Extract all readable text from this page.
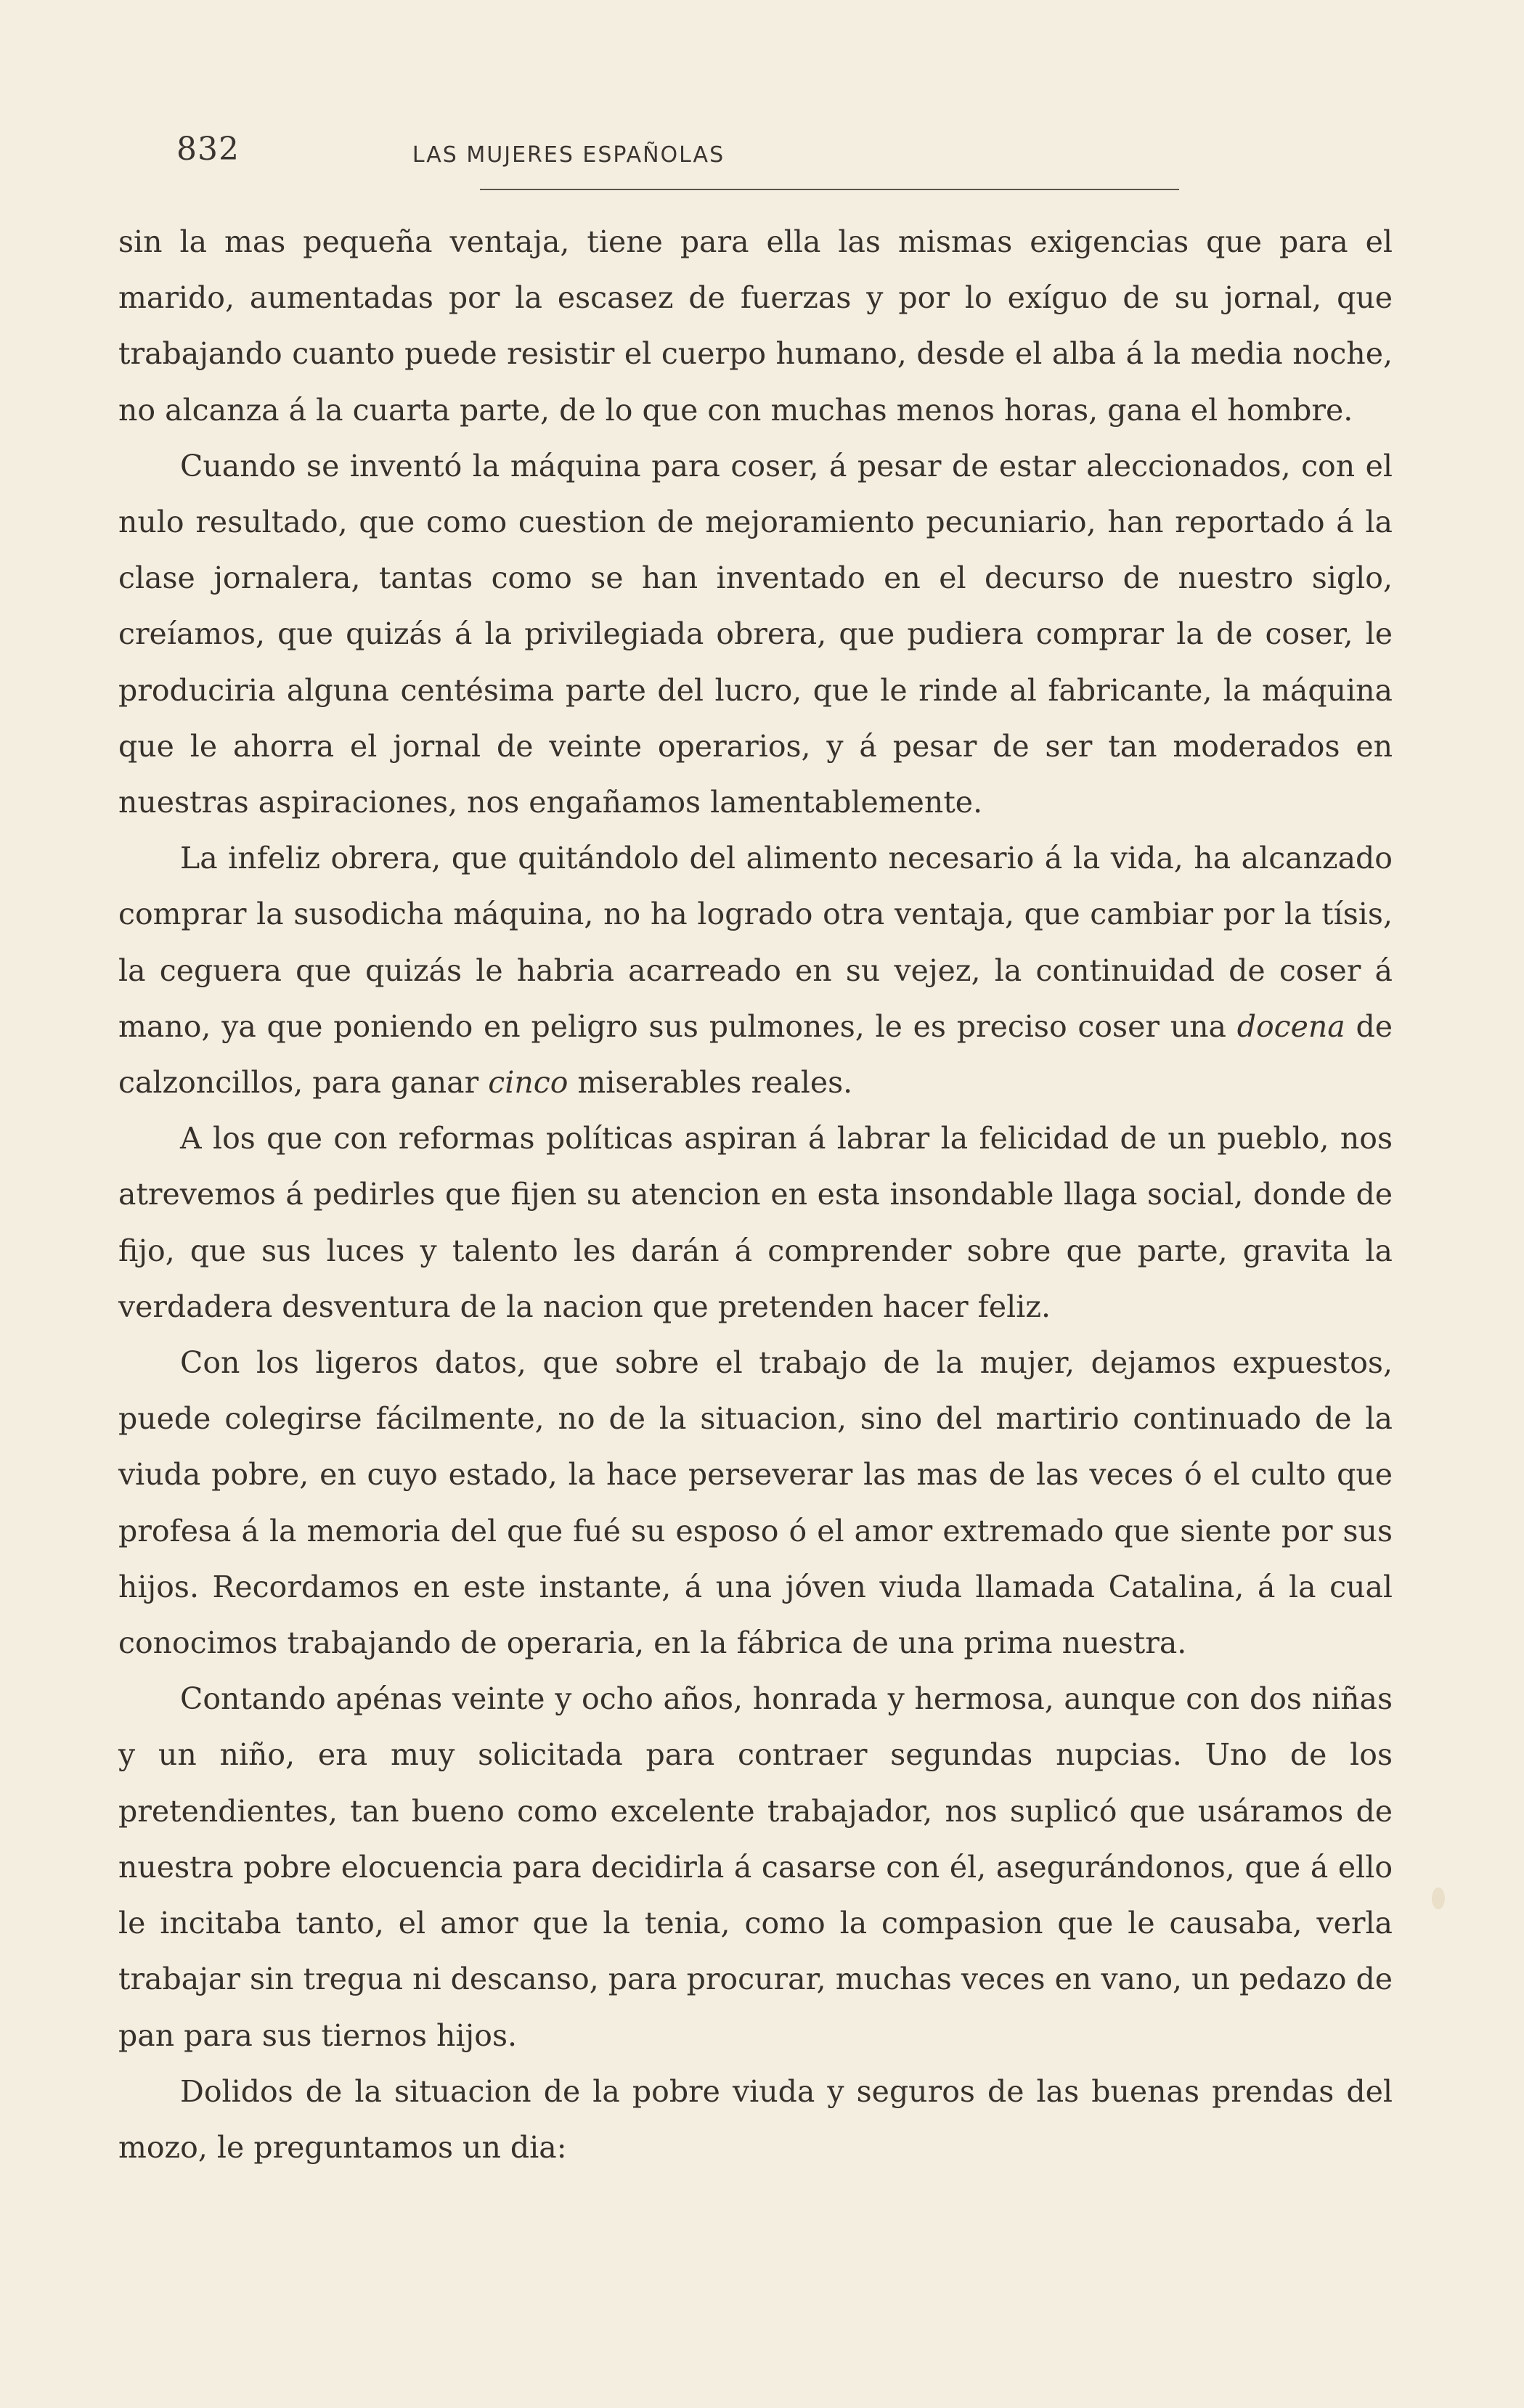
832	LAS MUJERES ESPAÑOLAS

sin la mas pequeña ventaja, tiene para ella las mismas exigencias que para el marido, aumentadas por la escasez de fuerzas y por lo exíguo de su jornal, que trabajando cuanto puede resistir el cuerpo humano, desde el alba á la media noche, no alcanza á la cuarta parte, de lo que con muchas menos horas, gana el hombre.

Cuando se inventó la máquina para coser, á pesar de estar aleccionados, con el nulo resultado, que como cuestion de mejoramiento pecuniario, han reportado á la clase jornalera, tantas como se han inventado en el decurso de nuestro siglo, creíamos, que quizás á la privilegiada obrera, que pudiera comprar la de coser, le produciria alguna centésima parte del lucro, que le rinde al fabricante, la máquina que le ahorra el jornal de veinte operarios, y á pesar de ser tan moderados en nuestras aspiraciones, nos engañamos lamentablemente.

La infeliz obrera, que quitándolo del alimento necesario á la vida, ha alcanzado comprar la susodicha máquina, no ha logrado otra ventaja, que cambiar por la tísis, la ceguera que quizás le habria acarreado en su vejez, la continuidad de coser á mano, ya que poniendo en peligro sus pulmones, le es preciso coser una docena de calzoncillos, para ganar cinco miserables reales.

A los que con reformas políticas aspiran á labrar la felicidad de un pueblo, nos atrevemos á pedirles que fijen su atencion en esta insondable llaga social, donde de fijo, que sus luces y talento les darán á comprender sobre que parte, gravita la verdadera desventura de la nacion que pretenden hacer feliz.

Con los ligeros datos, que sobre el trabajo de la mujer, dejamos expuestos, puede colegirse fácilmente, no de la situacion, sino del martirio continuado de la viuda pobre, en cuyo estado, la hace perseverar las mas de las veces ó el culto que profesa á la memoria del que fué su esposo ó el amor extremado que siente por sus hijos. Recordamos en este instante, á una jóven viuda llamada Catalina, á la cual conocimos trabajando de operaria, en la fábrica de una prima nuestra.

Contando apénas veinte y ocho años, honrada y hermosa, aunque con dos niñas y un niño, era muy solicitada para contraer segundas nupcias. Uno de los pretendientes, tan bueno como excelente trabajador, nos suplicó que usáramos de nuestra pobre elocuencia para decidirla á casarse con él, asegurándonos, que á ello le incitaba tanto, el amor que la tenia, como la compasion que le causaba, verla trabajar sin tregua ni descanso, para procurar, muchas veces en vano, un pedazo de pan para sus tiernos hijos.

Dolidos de la situacion de la pobre viuda y seguros de las buenas prendas del mozo, le preguntamos un dia:
